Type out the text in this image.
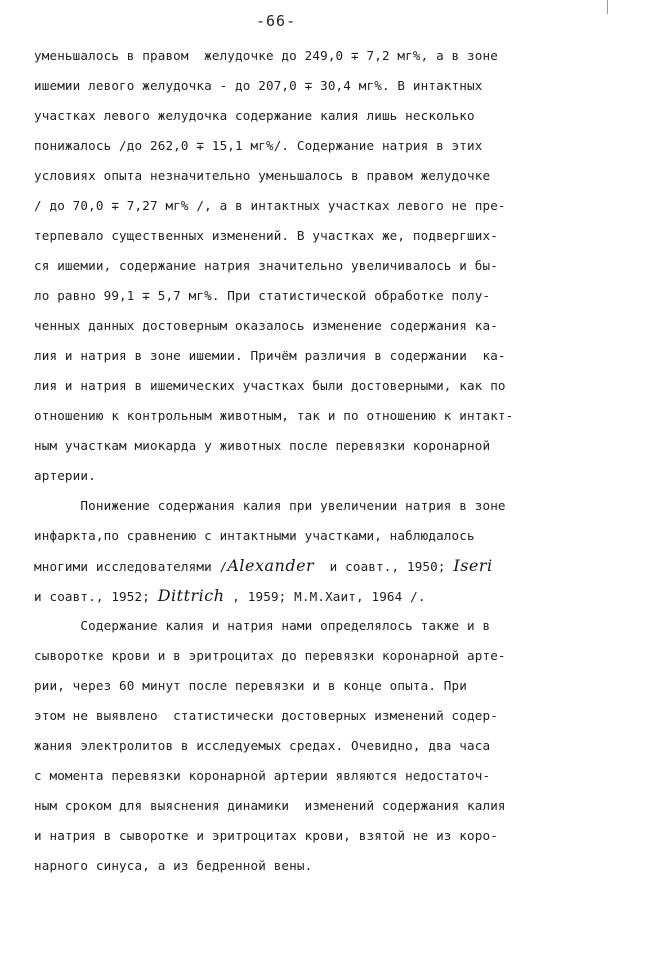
-66-
уменьшалось в правом  желудочке до 249,0 ∓ 7,2 мг%, а в зоне
ишемии левого желудочка - до 207,0 ∓ 30,4 мг%. В интактных
участках левого желудочка содержание калия лишь несколько
понижалось /до 262,0 ∓ 15,1 мг%/. Содержание натрия в этих
условиях опыта незначительно уменьшалось в правом желудочке
/ до 70,0 ∓ 7,27 мг% /, а в интактных участках левого не пре-
терпевало существенных изменений. В участках же, подвергших-
ся ишемии, содержание натрия значительно увеличивалось и бы-
ло равно 99,1 ∓ 5,7 мг%. При статистической обработке полу-
ченных данных достоверным оказалось изменение содержания ка-
лия и натрия в зоне ишемии. Причём различия в содержании  ка-
лия и натрия в ишемических участках были достоверными, как по
отношению к контрольным животным, так и по отношению к интакт-
ным участкам миокарда у животных после перевязки коронарной
артерии.
Понижение содержания калия при увеличении натрия в зоне
инфаркта,по сравнению с интактными участками, наблюдалось
многими исследователями /Alexander  и соавт., 1950; Iseri
и соавт., 1952; Dittrich , 1959; М.М.Хаит, 1964 /.
Содержание калия и натрия нами определялось также и в
сыворотке крови и в эритроцитах до перевязки коронарной арте-
рии, через 60 минут после перевязки и в конце опыта. При
этом не выявлено  статистически достоверных изменений содер-
жания электролитов в исследуемых средах. Очевидно, два часа
с момента перевязки коронарной артерии являются недостаточ-
ным сроком для выяснения динамики  изменений содержания калия
и натрия в сыворотке и эритроцитах крови, взятой не из коро-
нарного синуса, а из бедренной вены.
